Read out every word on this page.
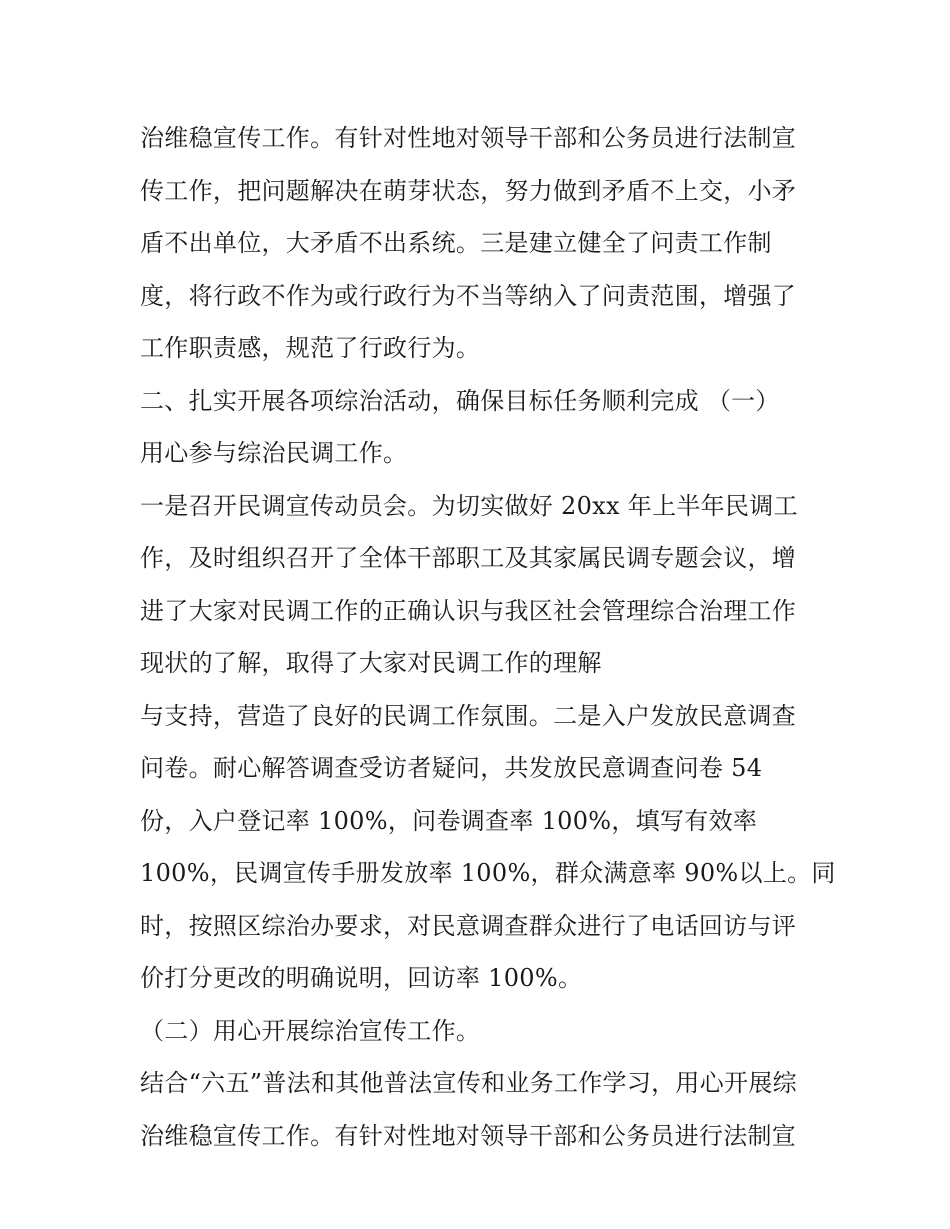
治维稳宣传工作。有针对性地对领导干部和公务员进行法制宣
传工作，把问题解决在萌芽状态，努力做到矛盾不上交，小矛
盾不出单位，大矛盾不出系统。三是建立健全了问责工作制
度，将行政不作为或行政行为不当等纳入了问责范围，增强了
工作职责感，规范了行政行为。
二、扎实开展各项综治活动，确保目标任务顺利完成 （一）
用心参与综治民调工作。
一是召开民调宣传动员会。为切实做好 20xx 年上半年民调工
作，及时组织召开了全体干部职工及其家属民调专题会议，增
进了大家对民调工作的正确认识与我区社会管理综合治理工作
现状的了解，取得了大家对民调工作的理解
与支持，营造了良好的民调工作氛围。二是入户发放民意调查
问卷。耐心解答调查受访者疑问，共发放民意调查问卷 54
份，入户登记率 100%，问卷调查率 100%，填写有效率
100%，民调宣传手册发放率 100%，群众满意率 90%以上。同
时，按照区综治办要求，对民意调查群众进行了电话回访与评
价打分更改的明确说明，回访率 100%。
（二）用心开展综治宣传工作。
结合“六五”普法和其他普法宣传和业务工作学习，用心开展综
治维稳宣传工作。有针对性地对领导干部和公务员进行法制宣
